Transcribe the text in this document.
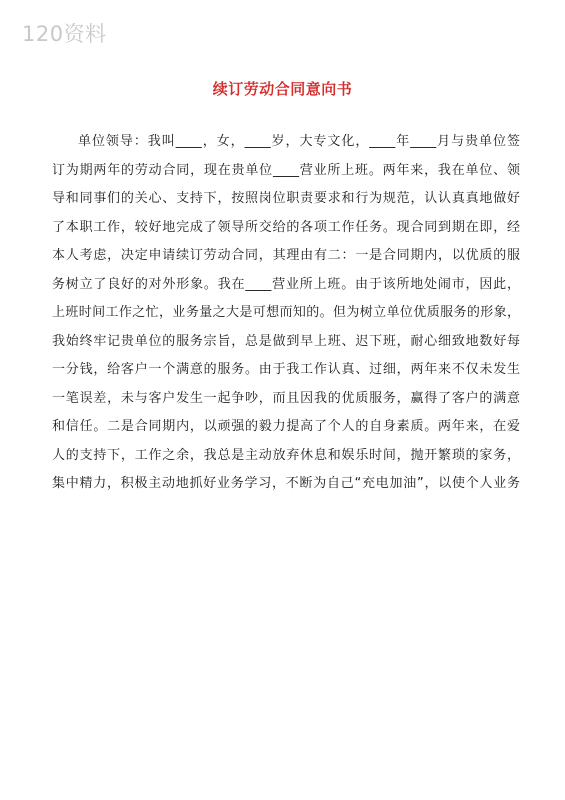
120资料
续订劳动合同意向书
单位领导：我叫____，女，____岁，大专文化，____年____月与贵单位签
订为期两年的劳动合同，现在贵单位____营业所上班。两年来，我在单位、领
导和同事们的关心、支持下，按照岗位职责要求和行为规范，认认真真地做好
了本职工作，较好地完成了领导所交给的各项工作任务。现合同到期在即，经
本人考虑，决定申请续订劳动合同，其理由有二：一是合同期内，以优质的服
务树立了良好的对外形象。我在____营业所上班。由于该所地处闹市，因此，
上班时间工作之忙，业务量之大是可想而知的。但为树立单位优质服务的形象，
我始终牢记贵单位的服务宗旨，总是做到早上班、迟下班，耐心细致地数好每
一分钱，给客户一个满意的服务。由于我工作认真、过细，两年来不仅未发生
一笔误差，未与客户发生一起争吵，而且因我的优质服务，赢得了客户的满意
和信任。二是合同期内，以顽强的毅力提高了个人的自身素质。两年来，在爱
人的支持下，工作之余，我总是主动放弃休息和娱乐时间，抛开繁琐的家务，
集中精力，积极主动地抓好业务学习，不断为自己“充电加油”，以使个人业务
